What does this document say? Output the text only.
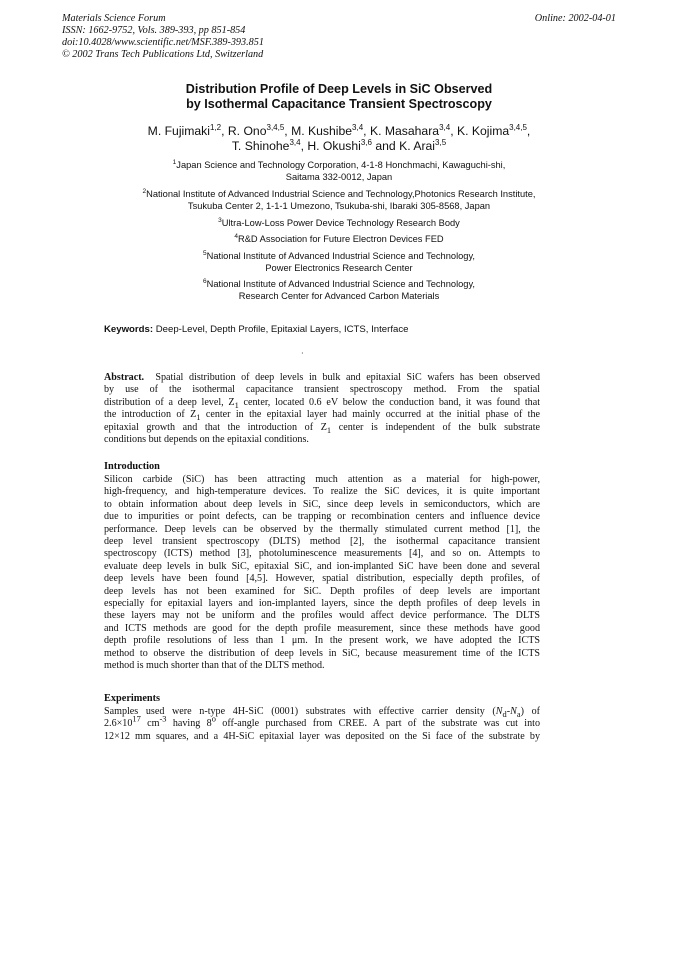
Materials Science Forum
ISSN: 1662-9752, Vols. 389-393, pp 851-854
doi:10.4028/www.scientific.net/MSF.389-393.851
© 2002 Trans Tech Publications Ltd, Switzerland
Online: 2002-04-01
Distribution Profile of Deep Levels in SiC Observed
by Isothermal Capacitance Transient Spectroscopy
M. Fujimaki$^{1,2}$, R. Ono$^{3,4,5}$, M. Kushibe$^{3,4}$, K. Masahara$^{3,4}$, K. Kojima$^{3,4,5}$,
T. Shinohe$^{3,4}$, H. Okushi$^{3,6}$ and K. Arai$^{3,5}$
$^1$Japan Science and Technology Corporation, 4-1-8 Honchmachi, Kawaguchi-shi,
Saitama 332-0012, Japan
$^2$National Institute of Advanced Industrial Science and Technology,Photonics Research Institute,
Tsukuba Center 2, 1-1-1 Umezono, Tsukuba-shi, Ibaraki 305-8568, Japan
$^3$Ultra-Low-Loss Power Device Technology Research Body
$^4$R&D Association for Future Electron Devices FED
$^5$National Institute of Advanced Industrial Science and Technology,
Power Electronics Research Center
$^6$National Institute of Advanced Industrial Science and Technology,
Research Center for Advanced Carbon Materials
Keywords: Deep-Level, Depth Profile, Epitaxial Layers, ICTS, Interface
·
Abstract. Spatial distribution of deep levels in bulk and epitaxial SiC wafers has been observed
by use of the isothermal capacitance transient spectroscopy method. From the spatial
distribution of a deep level, $Z_1$ center, located 0.6 eV below the conduction band, it was found that
the introduction of $Z_1$ center in the epitaxial layer had mainly occurred at the initial phase of the
epitaxial growth and that the introduction of $Z_1$ center is independent of the bulk substrate
conditions but depends on the epitaxial conditions.
Introduction
Silicon carbide (SiC) has been attracting much attention as a material for high-power,
high-frequency, and high-temperature devices. To realize the SiC devices, it is quite important
to obtain information about deep levels in SiC, since deep levels in semiconductors, which are
due to impurities or point defects, can be trapping or recombination centers and influence device
performance. Deep levels can be observed by the thermally stimulated current method [1], the
deep level transient spectroscopy (DLTS) method [2], the isothermal capacitance transient
spectroscopy (ICTS) method [3], photoluminescence measurements [4], and so on. Attempts to
evaluate deep levels in bulk SiC, epitaxial SiC, and ion-implanted SiC have been done and several
deep levels have been found [4,5]. However, spatial distribution, especially depth profiles, of
deep levels has not been examined for SiC. Depth profiles of deep levels are important
especially for epitaxial layers and ion-implanted layers, since the depth profiles of deep levels in
these layers may not be uniform and the profiles would affect device performance. The DLTS
and ICTS methods are good for the depth profile measurement, since these methods have good
depth profile resolutions of less than 1 μm. In the present work, we have adopted the ICTS
method to observe the distribution of deep levels in SiC, because measurement time of the ICTS
method is much shorter than that of the DLTS method.
Experiments
Samples used were n-type 4H-SiC (0001) substrates with effective carrier density $(N_d-N_a)$ of
$2.6\times 10^{17}$ $cm^{-3}$ having 8$^o$ off-angle purchased from CREE. A part of the substrate was cut into
12×12 mm squares, and a 4H-SiC epitaxial layer was deposited on the Si face of the substrate by
